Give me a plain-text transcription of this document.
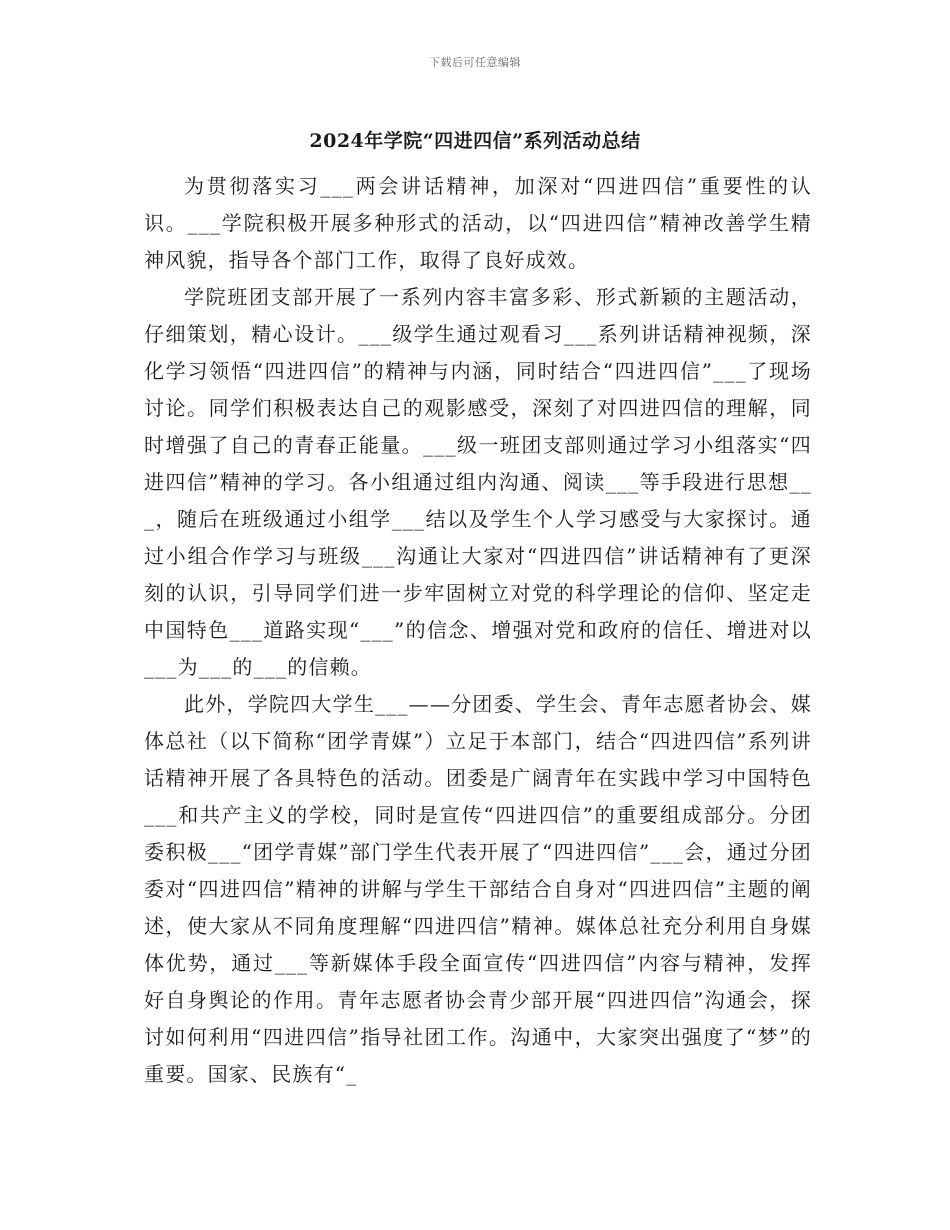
下载后可任意编辑
2024年学院“四进四信”系列活动总结

为贯彻落实习___两会讲话精神，加深对“四进四信”重要性的认识。___学院积极开展多种形式的活动，以“四进四信”精神改善学生精神风貌，指导各个部门工作，取得了良好成效。

学院班团支部开展了一系列内容丰富多彩、形式新颖的主题活动，仔细策划，精心设计。___级学生通过观看习___系列讲话精神视频，深化学习领悟“四进四信”的精神与内涵，同时结合“四进四信”___了现场讨论。同学们积极表达自己的观影感受，深刻了对四进四信的理解，同时增强了自己的青春正能量。___级一班团支部则通过学习小组落实“四进四信”精神的学习。各小组通过组内沟通、阅读___等手段进行思想___，随后在班级通过小组学___结以及学生个人学习感受与大家探讨。通过小组合作学习与班级___沟通让大家对“四进四信”讲话精神有了更深刻的认识，引导同学们进一步牢固树立对党的科学理论的信仰、坚定走中国特色___道路实现“___”的信念、增强对党和政府的信任、增进对以___为___的___的信赖。

此外，学院四大学生___——分团委、学生会、青年志愿者协会、媒体总社（以下简称“团学青媒”）立足于本部门，结合“四进四信”系列讲话精神开展了各具特色的活动。团委是广阔青年在实践中学习中国特色___和共产主义的学校，同时是宣传“四进四信”的重要组成部分。分团委积极___“团学青媒”部门学生代表开展了“四进四信”___会，通过分团委对“四进四信”精神的讲解与学生干部结合自身对“四进四信”主题的阐述，使大家从不同角度理解“四进四信”精神。媒体总社充分利用自身媒体优势，通过___等新媒体手段全面宣传“四进四信”内容与精神，发挥好自身舆论的作用。青年志愿者协会青少部开展“四进四信”沟通会，探讨如何利用“四进四信”指导社团工作。沟通中，大家突出强度了“梦”的重要。国家、民族有“_
